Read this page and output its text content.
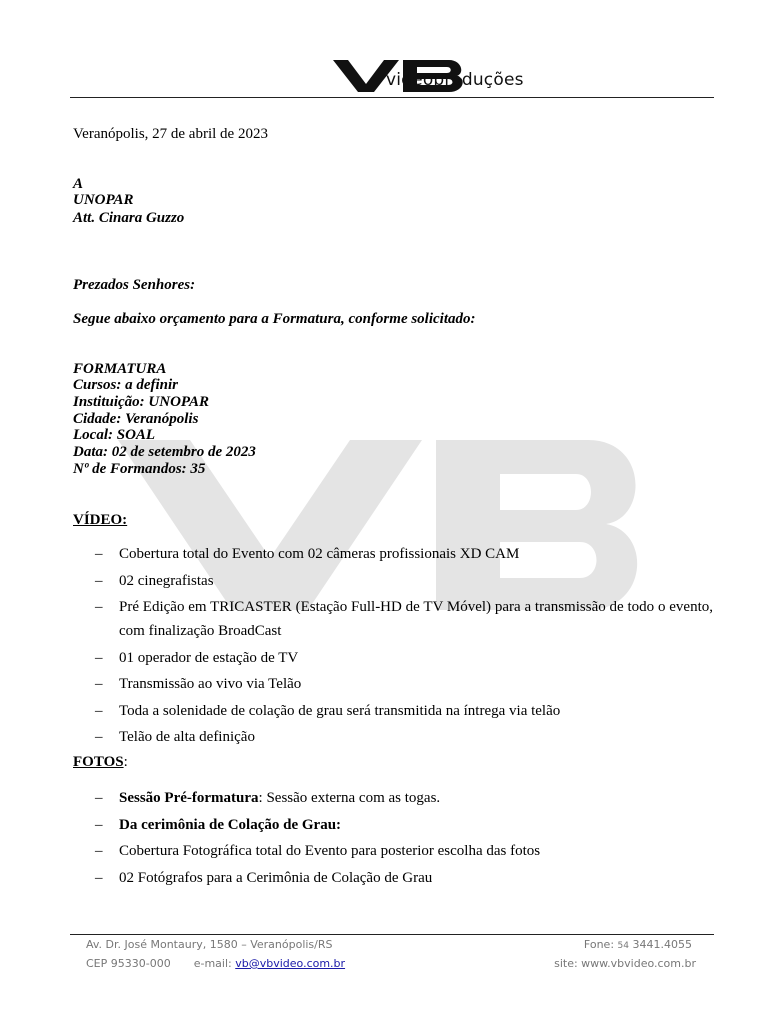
videoproduções
Veranópolis, 27 de abril de 2023
A
UNOPAR
Att. Cinara Guzzo
Prezados Senhores:
Segue abaixo orçamento para a Formatura, conforme solicitado:
FORMATURA
Cursos: a definir
Instituição: UNOPAR
Cidade: Veranópolis
Local: SOAL
Data: 02 de setembro de 2023
Nº de Formandos: 35
VÍDEO:
– Cobertura total do Evento com 02 câmeras profissionais XD CAM
– 02 cinegrafistas
– Pré Edição em TRICASTER (Estação Full-HD de TV Móvel) para a transmissão de todo o evento, com finalização BroadCast
– 01 operador de estação de TV
– Transmissão ao vivo via Telão
– Toda a solenidade de colação de grau será transmitida na íntrega via telão
– Telão de alta definição
FOTOS:
– Sessão Pré-formatura: Sessão externa com as togas.
– Da cerimônia de Colação de Grau:
– Cobertura Fotográfica total do Evento para posterior escolha das fotos
– 02 Fotógrafos para a Cerimônia de Colação de Grau
Av. Dr. José Montaury, 1580 – Veranópolis/RS
CEP 95330-000 e-mail: vb@vbvideo.com.br
Fone: 54 3441.4055
site: www.vbvideo.com.br
